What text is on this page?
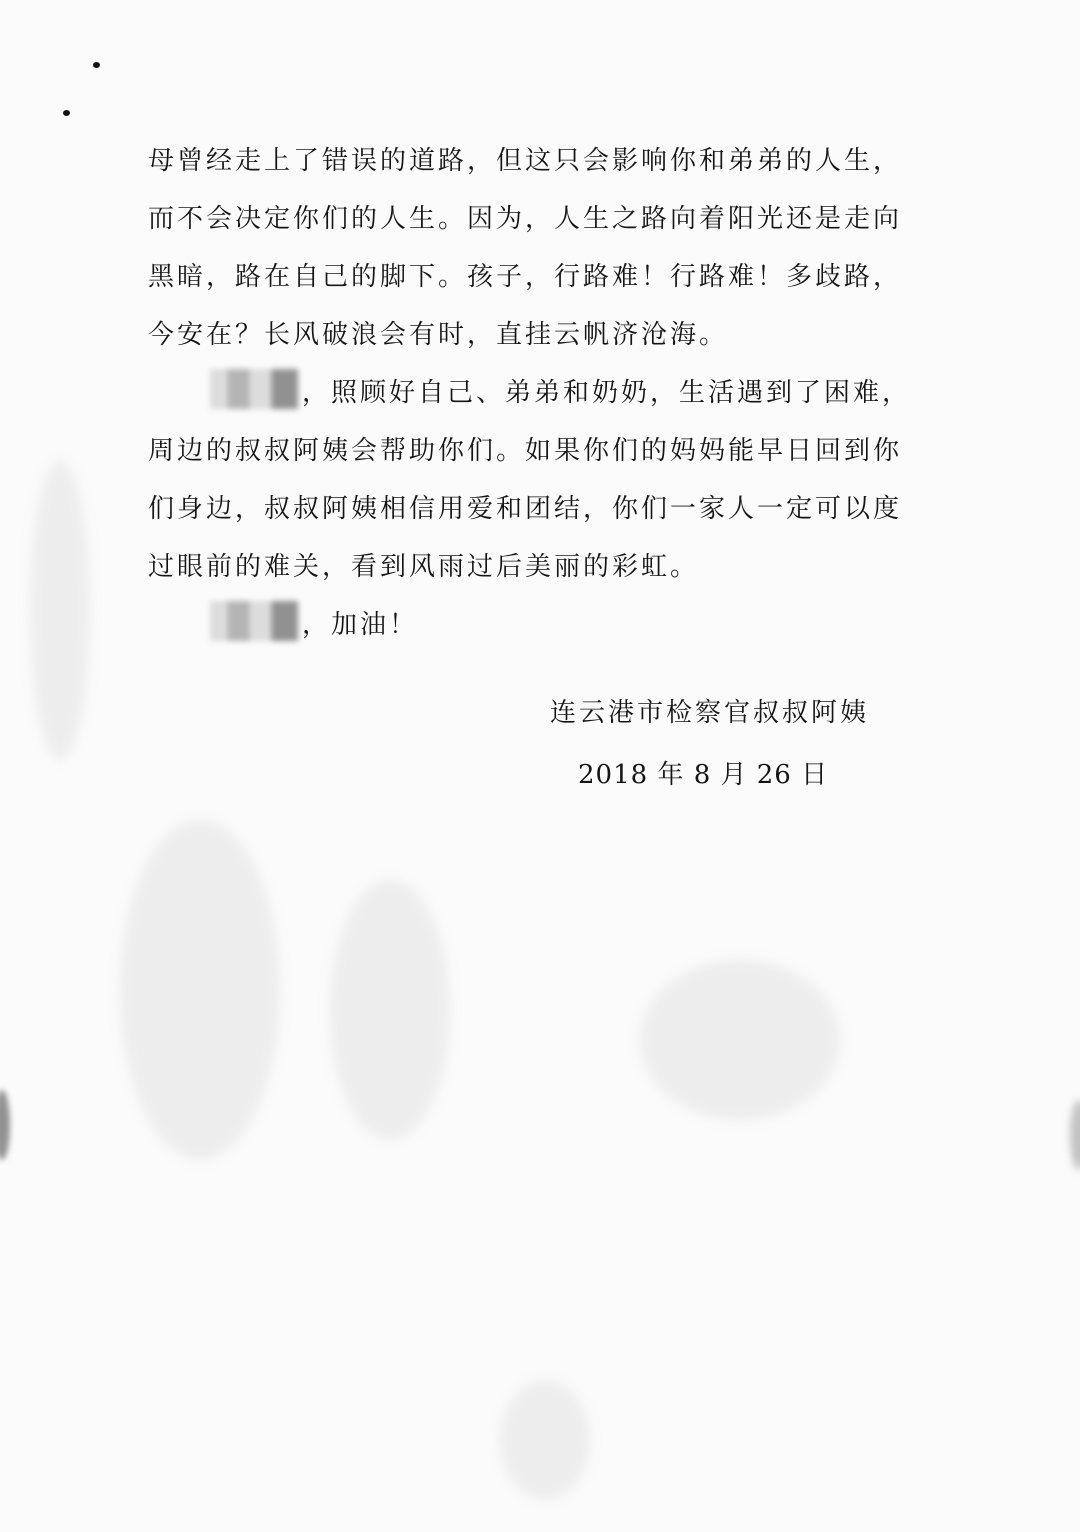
母曾经走上了错误的道路，但这只会影响你和弟弟的人生，
而不会决定你们的人生。因为，人生之路向着阳光还是走向
黑暗，路在自己的脚下。孩子，行路难！行路难！多歧路，
今安在？长风破浪会有时，直挂云帆济沧海。
，照顾好自己、弟弟和奶奶，生活遇到了困难，
周边的叔叔阿姨会帮助你们。如果你们的妈妈能早日回到你
们身边，叔叔阿姨相信用爱和团结，你们一家人一定可以度
过眼前的难关，看到风雨过后美丽的彩虹。
，加油！
连云港市检察官叔叔阿姨
2018 年 8 月 26 日
